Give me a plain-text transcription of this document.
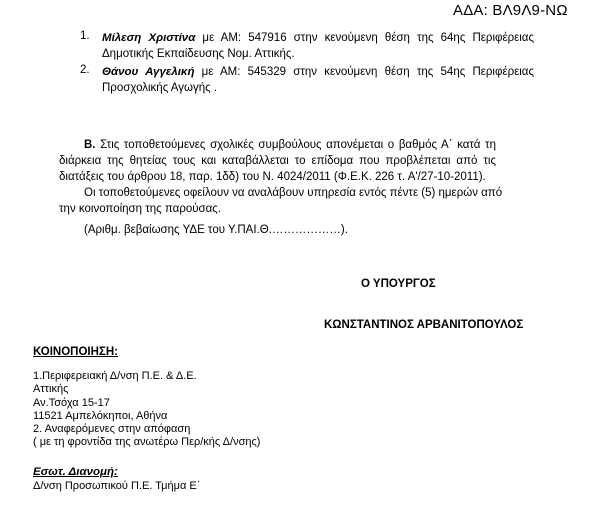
ΑΔΑ: ΒΛ9Λ9-ΝΩ
1. Μίλεση Χριστίνα με ΑΜ: 547916 στην κενούμενη θέση της 64ης Περιφέρειας
Δημοτικής Εκπαίδευσης Νομ. Αττικής.
2. Θάνου Αγγελική με ΑΜ: 545329 στην κενούμενη θέση της 54ης Περιφέρειας
Προσχολικής Αγωγής .
Β. Στις τοποθετούμενες σχολικές συμβούλους απονέμεται ο βαθμός Α΄ κατά τη
διάρκεια της θητείας τους και καταβάλλεται το επίδομα που προβλέπεται από τις
διατάξεις του άρθρου 18, παρ. 1δδ) του Ν. 4024/2011 (Φ.Ε.Κ. 226 τ. Α'/27-10-2011).
Οι τοποθετούμενες οφείλουν να αναλάβουν υπηρεσία εντός πέντε (5) ημερών από
την κοινοποίηση της παρούσας.
(Αριθμ. βεβαίωσης ΥΔΕ του Υ.ΠΑΙ.Θ.………………).
Ο ΥΠΟΥΡΓΟΣ
ΚΩΝΣΤΑΝΤΙΝΟΣ ΑΡΒΑΝΙΤΟΠΟΥΛΟΣ
ΚΟΙΝΟΠΟΙΗΣΗ:
1.Περιφερειακή Δ/νση Π.Ε. & Δ.Ε.
Αττικής
Αν.Τσόχα 15-17
11521 Αμπελόκηποι, Αθήνα
2. Αναφερόμενες στην απόφαση
( με τη φροντίδα της ανωτέρω Περ/κής Δ/νσης)
Εσωτ. Διανομή:
Δ/νση Προσωπικού Π.Ε. Τμήμα Ε΄
